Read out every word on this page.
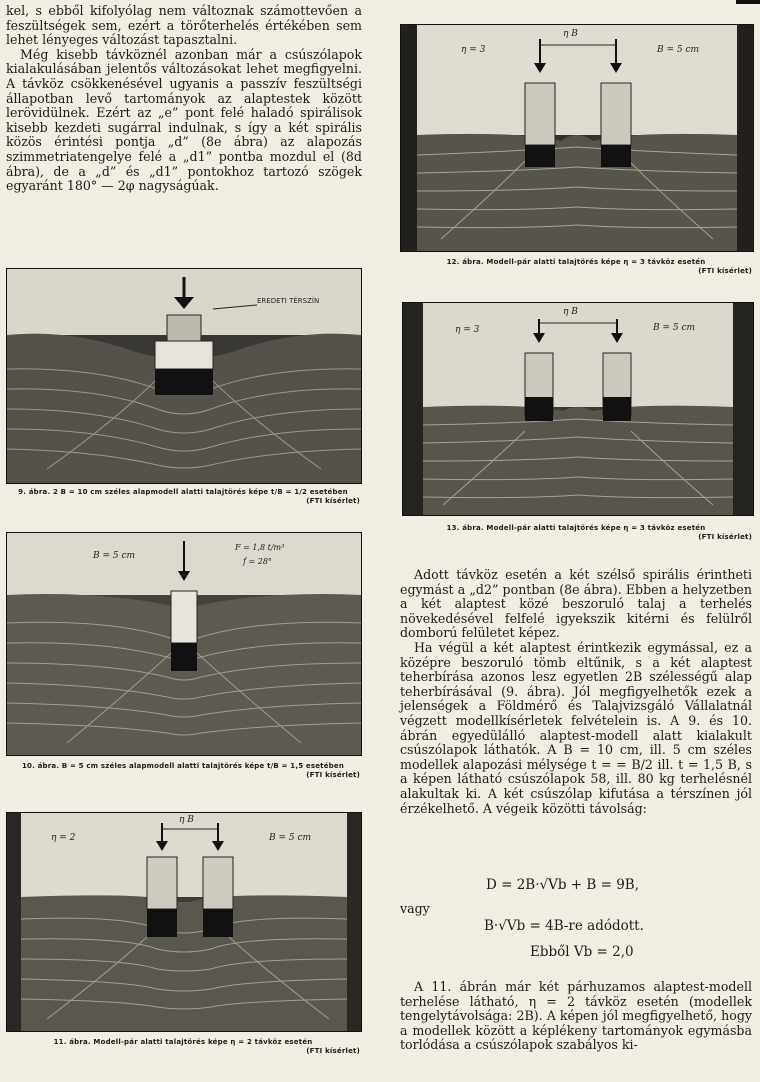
kel, s ebből kifolyólag nem változnak számottevően a feszültségek sem, ezért a törőterhelés értékében sem lehet lényeges változást tapasztalni.

Még kisebb távköznél azonban már a csúszólapok kialakulásában jelentős változásokat lehet megfigyelni. A távköz csökkenésével ugyanis a passzív feszültségi állapotban levő tartományok az alaptestek között lerövidülnek. Ezért az „e” pont felé haladó spirálisok kisebb kezdeti sugárral indulnak, s így a két spirális közös érintési pontja „d” (8e ábra) az alapozás szimmetriatengelye felé a „d1” pontba mozdul el (8d ábra), de a „d” és „d1” pontokhoz tartozó szögek egyaránt 180° — 2φ nagyságúak.

EREDETI TÉRSZÍN
9. ábra. 2 B = 10 cm széles alapmodell alatti talajtörés képe t/B = 1/2 esetében
(FTI kísérlet)
B = 5 cm
F = 1,8 t/m³
f = 28°
10. ábra. B = 5 cm széles alapmodell alatti talajtörés képe t/B = 1,5 esetében
(FTI kísérlet)
η = 2
η B
B = 5 cm
11. ábra. Modell-pár alatti talajtörés képe η = 2 távköz esetén
(FTI kísérlet)
η = 3
η B
B = 5 cm
12. ábra. Modell-pár alatti talajtörés képe η = 3 távköz esetén
(FTI kísérlet)
η = 3
η B
B = 5 cm
13. ábra. Modell-pár alatti talajtörés képe η = 3 távköz esetén
(FTI kísérlet)

Adott távköz esetén a két szélső spirális érintheti egymást a „d2” pontban (8e ábra). Ebben a helyzetben a két alaptest közé beszoruló talaj a terhelés növekedésével felfelé igyekszik kitérni és felülről domború felületet képez.

Ha végül a két alaptest érintkezik egymással, ez a középre beszoruló tömb eltűnik, s a két alaptest teherbírása azonos lesz egyetlen 2B szélességű alap teherbírásával (9. ábra). Jól megfigyelhetők ezek a jelenségek a Földmérő és Talajvizsgáló Vállalatnál végzett modellkísérletek felvételein is. A 9. és 10. ábrán egyedülálló alaptest-modell alatt kialakult csúszólapok láthatók. A B = 10 cm, ill. 5 cm széles modellek alapozási mélysége t = = B/2 ill. t = 1,5 B, s a képen látható csúszólapok 58, ill. 80 kg terhelésnél alakultak ki. A két csúszólap kifutása a térszínen jól érzékelhető. A végeik közötti távolság:

D = 2B·√Vb + B = 9B,

vagy

B·√Vb = 4B-re adódott.
Ebből Vb = 2,0

A 11. ábrán már két párhuzamos alaptest-modell terhelése látható, η = 2 távköz esetén (modellek tengelytávolsága: 2B). A képen jól megfigyelhető, hogy a modellek között a képlékeny tartományok egymásba torlódása a csúszólapok szabályos ki-
